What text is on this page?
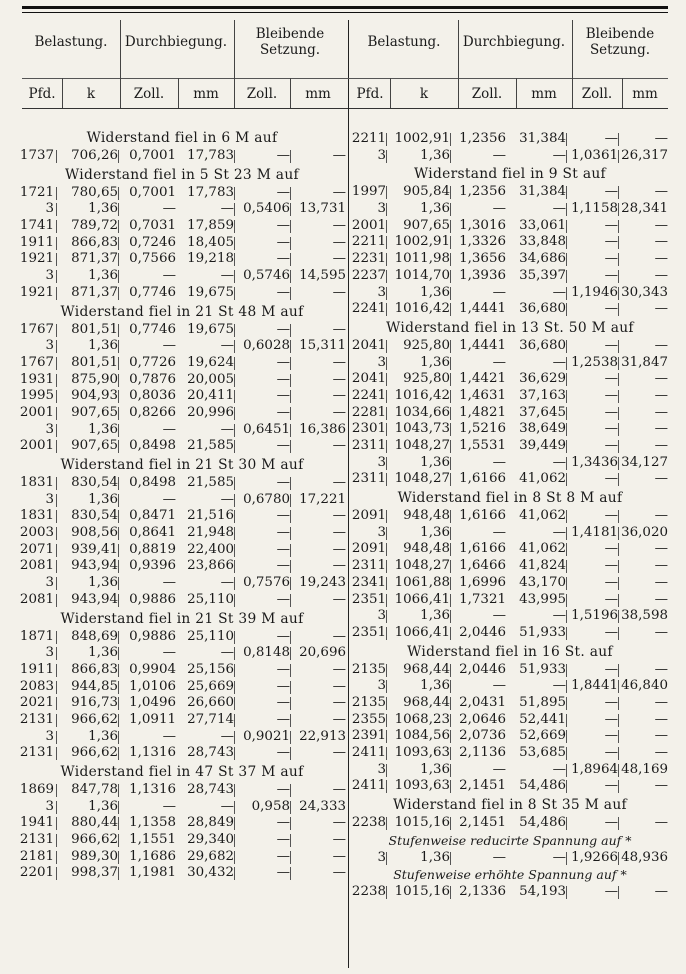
Belastung.	Durchbiegung.	Bleibende Setzung.
Pfd.	k	Zoll.	mm	Zoll.	mm
Belastung.	Durchbiegung.	Bleibende Setzung.
Pfd.	k	Zoll.	mm	Zoll.	mm
Widerstand fiel in 6 M auf
1737	706,26 0,7001 17,783	—	—
Widerstand fiel in 5 St 23 M auf
1721	780,65 0,7001 17,783	—	—
3	1,36	—	— 0,5406 13,731
1741	789,72 0,7031 17,859	—	—
1911	866,83 0,7246 18,405	—	—
1921	871,37 0,7566 19,218	—	—
3	1,36	—	— 0,5746 14,595
1921	871,37 0,7746 19,675	—	—
Widerstand fiel in 21 St 48 M auf
1767	801,51 0,7746 19,675	—	—
3	1,36	—	— 0,6028 15,311
1767	801,51 0,7726 19,624	—	—
1931	875,90 0,7876 20,005	—	—
1995	904,93 0,8036 20,411	—	—
2001	907,65 0,8266 20,996	—	—
3	1,36	—	— 0,6451 16,386
2001	907,65 0,8498 21,585	—	—
Widerstand fiel in 21 St 30 M auf
1831	830,54 0,8498 21,585	—	—
3	1,36	—	— 0,6780 17,221
1831	830,54 0,8471 21,516	—	—
2003	908,56 0,8641 21,948	—	—
2071	939,41 0,8819 22,400	—	—
2081	943,94 0,9396 23,866	—	—
3	1,36	—	— 0,7576 19,243
2081	943,94 0,9886 25,110	—	—
Widerstand fiel in 21 St 39 M auf
1871	848,69 0,9886 25,110	—	—
3	1,36	—	— 0,8148 20,696
1911	866,83 0,9904 25,156	—	—
2083	944,85 1,0106 25,669	—	—
2021	916,73 1,0496 26,660	—	—
2131	966,62 1,0911 27,714	—	—
3	1,36	—	— 0,9021 22,913
2131	966,62 1,1316 28,743	—	—
Widerstand fiel in 47 St 37 M auf
1869	847,78 1,1316 28,743	—	—
3	1,36	—	—	0,958 24,333
1941	880,44 1,1358 28,849	—	—
2131	966,62 1,1551 29,340	—	—
2181	989,30 1,1686 29,682	—	—
2201	998,37 1,1981 30,432	—	—
2211 1002,91 1,2356 31,384	—	—
3	1,36	—	— 1,0361 26,317
Widerstand fiel in 9 St auf
1997	905,84 1,2356 31,384	—	—
3	1,36	—	— 1,1158 28,341
2001	907,65 1,3016 33,061	—	—
2211 1002,91 1,3326 33,848	—	—
2231 1011,98 1,3656 34,686	—	—
2237 1014,70 1,3936 35,397	—	—
3	1,36	—	— 1,1946 30,343
2241 1016,42 1,4441 36,680	—	—
Widerstand fiel in 13 St. 50 M auf
2041	925,80 1,4441 36,680	—	—
3	1,36	—	— 1,2538 31,847
2041	925,80 1,4421 36,629	—	—
2241 1016,42 1,4631 37,163	—	—
2281 1034,66 1,4821 37,645	—	—
2301 1043,73 1,5216 38,649	—	—
2311 1048,27 1,5531 39,449	—	—
3	1,36	—	— 1,3436 34,127
2311 1048,27 1,6166 41,062	—	—
Widerstand fiel in 8 St 8 M auf
2091	948,48 1,6166 41,062	—	—
3	1,36	—	— 1,4181 36,020
2091	948,48 1,6166 41,062	—	—
2311 1048,27 1,6466 41,824	—	—
2341 1061,88 1,6996 43,170	—	—
2351 1066,41 1,7321 43,995	—	—
3	1,36	—	— 1,5196 38,598
2351 1066,41 2,0446 51,933	—	—
Widerstand fiel in 16 St. auf
2135	968,44 2,0446 51,933	—	—
3	1,36	—	— 1,8441 46,840
2135	968,44 2,0431 51,895	—	—
2355 1068,23 2,0646 52,441	—	—
2391 1084,56 2,0736 52,669	—	—
2411 1093,63 2,1136 53,685	—	—
3	1,36	—	— 1,8964 48,169
2411 1093,63 2,1451 54,486	—	—
Widerstand fiel in 8 St 35 M auf
2238 1015,16 2,1451 54,486	—	—
Stufenweise reducirte Spannung auf *
3	1,36	—	— 1,9266 48,936
Stufenweise erhöhte Spannung auf *
2238 1015,16 2,1336 54,193	—	—
